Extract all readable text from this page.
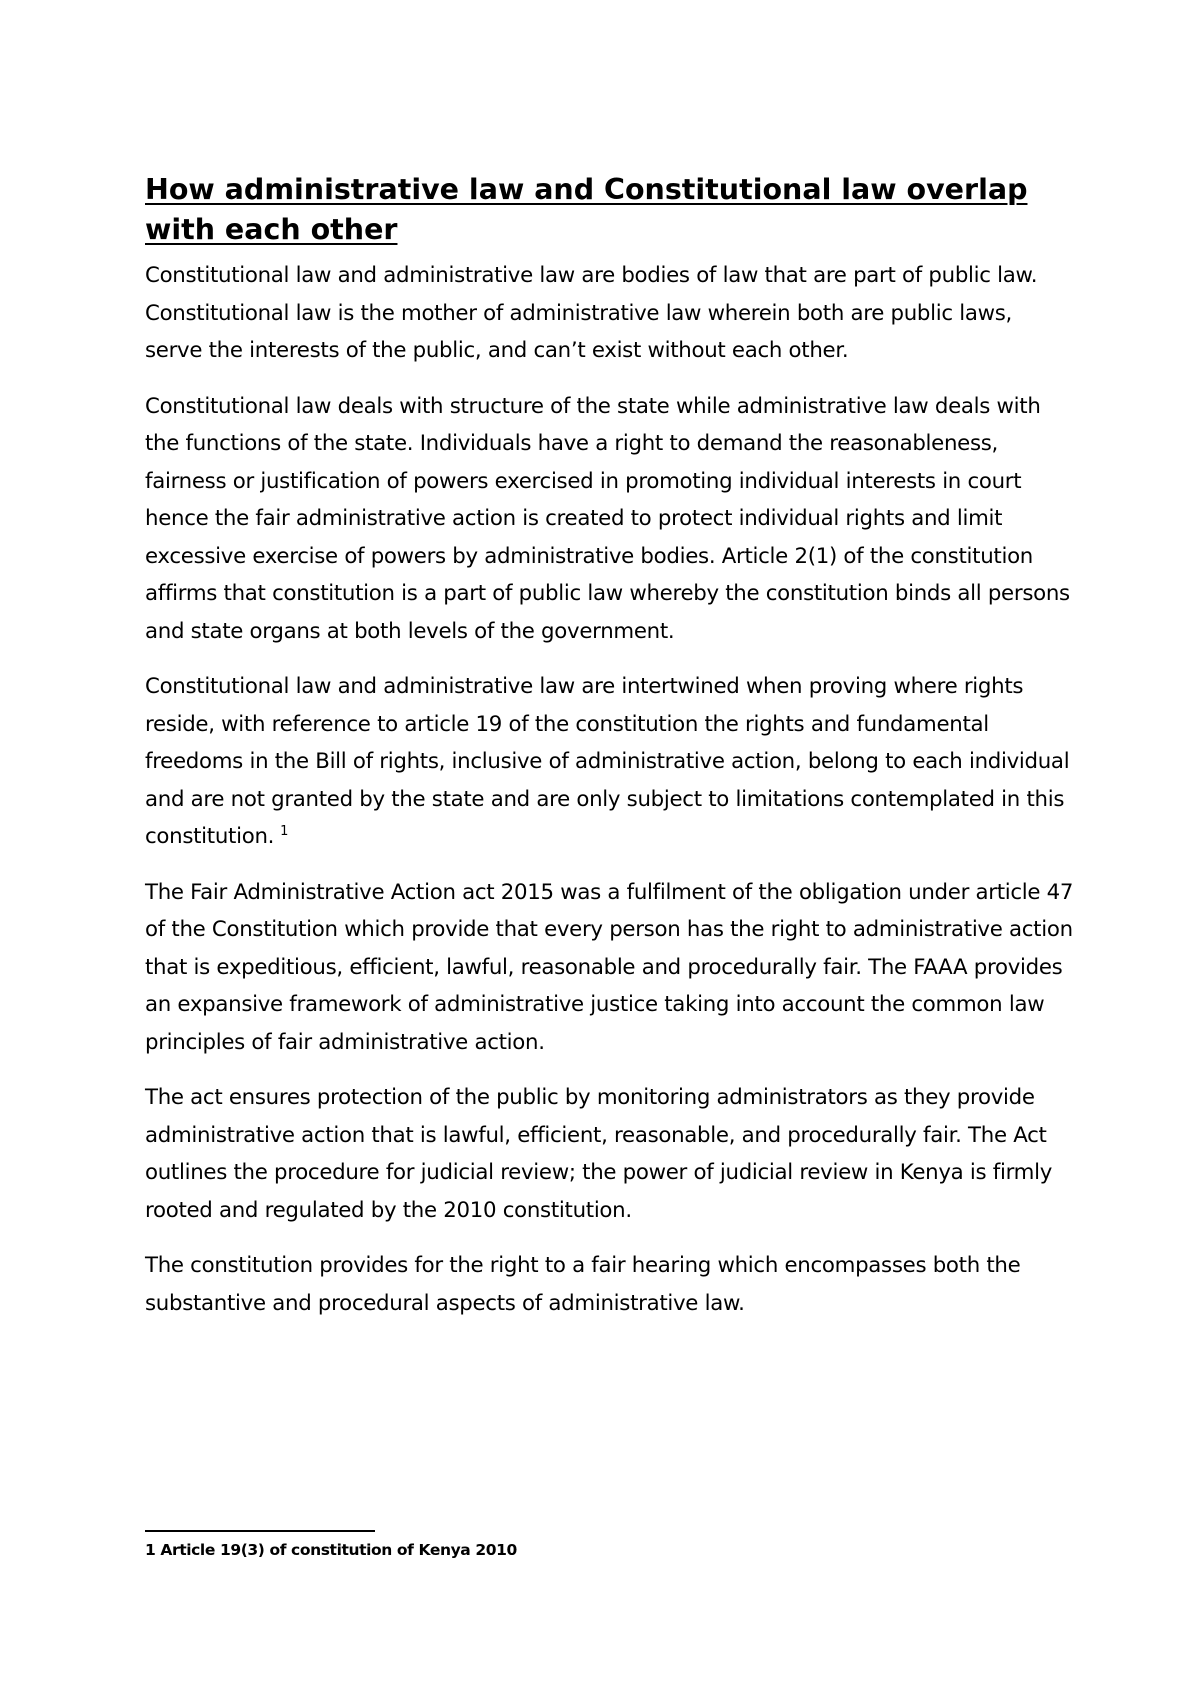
How administrative law and Constitutional law overlap with each other

Constitutional law and administrative law are bodies of law that are part of public law. Constitutional law is the mother of administrative law wherein both are public laws, serve the interests of the public, and can’t exist without each other.

Constitutional law deals with structure of the state while administrative law deals with the functions of the state. Individuals have a right to demand the reasonableness, fairness or justification of powers exercised in promoting individual interests in court hence the fair administrative action is created to protect individual rights and limit excessive exercise of powers by administrative bodies. Article 2(1) of the constitution affirms that constitution is a part of public law whereby the constitution binds all persons and state organs at both levels of the government.

Constitutional law and administrative law are intertwined when proving where rights reside, with reference to article 19 of the constitution the rights and fundamental freedoms in the Bill of rights, inclusive of administrative action, belong to each individual and are not granted by the state and are only subject to limitations contemplated in this constitution. $^1$

The Fair Administrative Action act 2015 was a fulfilment of the obligation under article 47 of the Constitution which provide that every person has the right to administrative action that is expeditious, efficient, lawful, reasonable and procedurally fair. The FAAA provides an expansive framework of administrative justice taking into account the common law principles of fair administrative action.

The act ensures protection of the public by monitoring administrators as they provide administrative action that is lawful, efficient, reasonable, and procedurally fair. The Act outlines the procedure for judicial review; the power of judicial review in Kenya is firmly rooted and regulated by the 2010 constitution.

The constitution provides for the right to a fair hearing which encompasses both the substantive and procedural aspects of administrative law.

1 Article 19(3) of constitution of Kenya 2010
